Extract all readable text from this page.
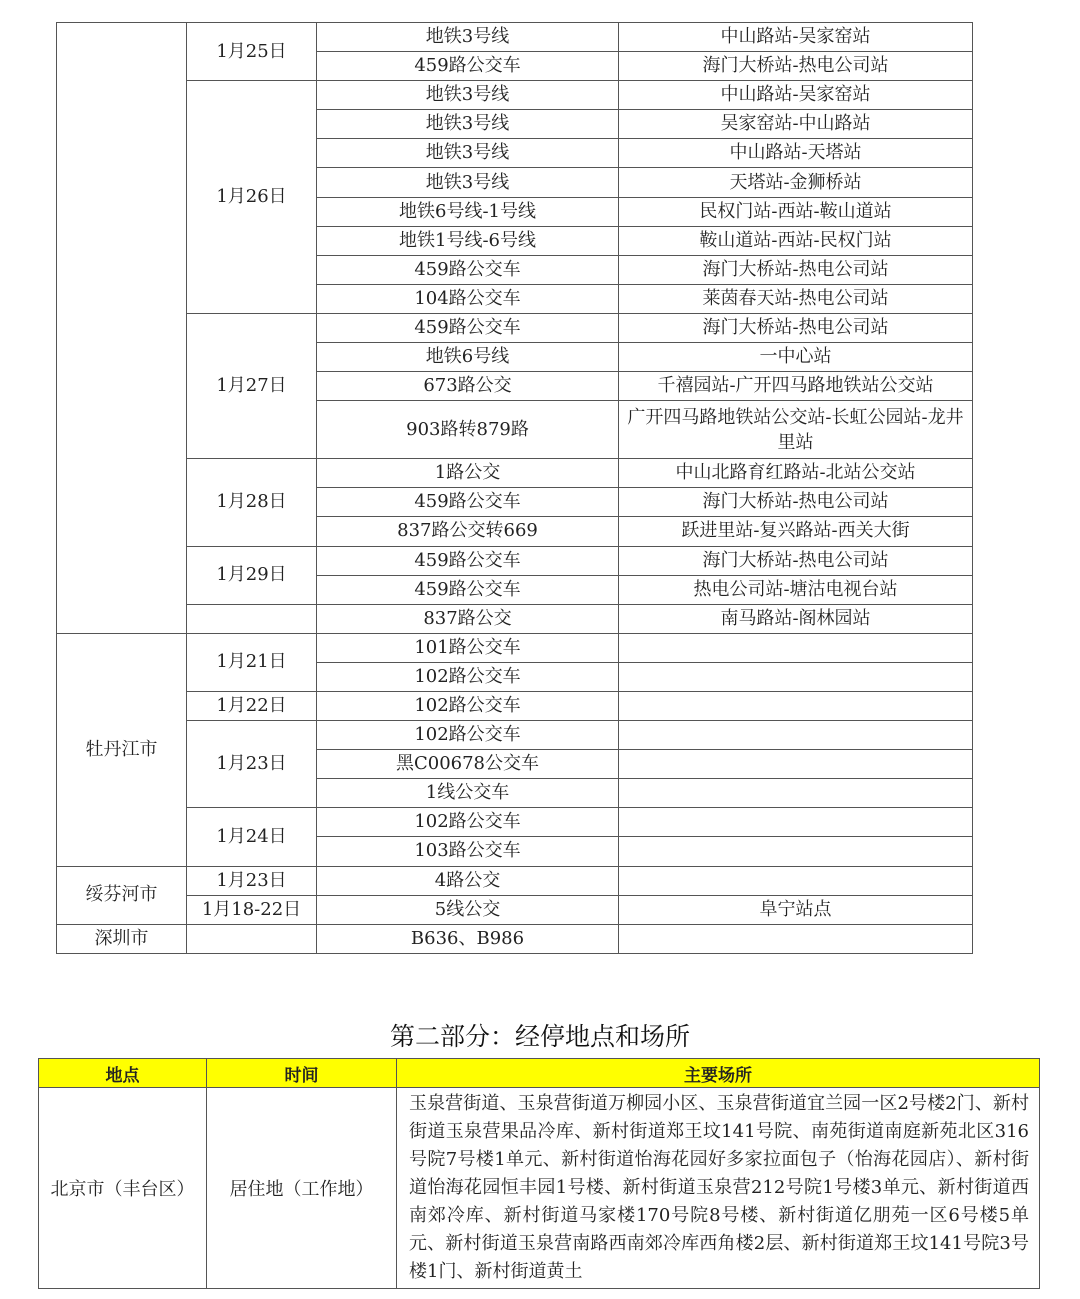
	1月25日	地铁3号线	中山路站-吴家窑站
		459路公交车	海门大桥站-热电公司站
	1月26日	地铁3号线	中山路站-吴家窑站
		地铁3号线	吴家窑站-中山路站
		地铁3号线	中山路站-天塔站
		地铁3号线	天塔站-金狮桥站
		地铁6号线-1号线	民权门站-西站-鞍山道站
		地铁1号线-6号线	鞍山道站-西站-民权门站
		459路公交车	海门大桥站-热电公司站
		104路公交车	莱茵春天站-热电公司站
	1月27日	459路公交车	海门大桥站-热电公司站
		地铁6号线	一中心站
		673路公交	千禧园站-广开四马路地铁站公交站
		903路转879路	广开四马路地铁站公交站-长虹公园站-龙井里站
	1月28日	1路公交	中山北路育红路站-北站公交站
		459路公交车	海门大桥站-热电公司站
		837路公交转669	跃进里站-复兴路站-西关大街
	1月29日	459路公交车	海门大桥站-热电公司站
		459路公交车	热电公司站-塘沽电视台站
		837路公交	南马路站-阁林园站
牡丹江市	1月21日	101路公交车	
		102路公交车	
	1月22日	102路公交车	
	1月23日	102路公交车	
		黑C00678公交车	
		1线公交车	
	1月24日	102路公交车	
		103路公交车	
绥芬河市	1月23日	4路公交	
	1月18-22日	5线公交	阜宁站点
深圳市		B636、B986	
第二部分：经停地点和场所
地点	时间	主要场所
北京市（丰台区）	居住地（工作地）	玉泉营街道、玉泉营街道万柳园小区、玉泉营街道宜兰园一区2号楼2门、新村街道玉泉营果品冷库、新村街道郑王坟141号院、南苑街道南庭新苑北区316号院7号楼1单元、新村街道怡海花园好多家拉面包子（怡海花园店）、新村街道怡海花园恒丰园1号楼、新村街道玉泉营212号院1号楼3单元、新村街道西南郊冷库、新村街道马家楼170号院8号楼、新村街道亿朋苑一区6号楼5单元、新村街道玉泉营南路西南郊冷库西角楼2层、新村街道郑王坟141号院3号楼1门、新村街道黄土
